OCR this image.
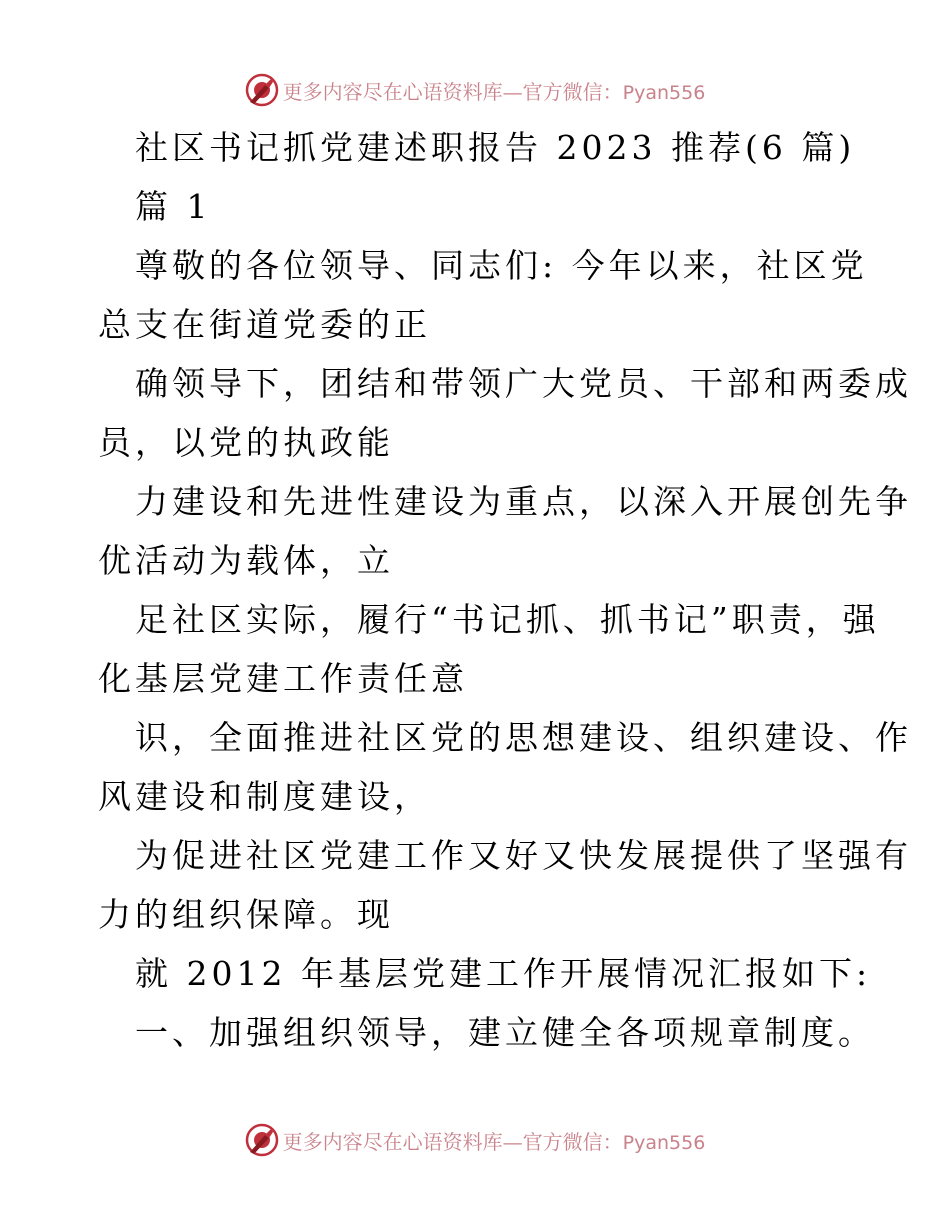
更多内容尽在心语资料库—官方微信：Pyan556
社区书记抓党建述职报告 2023 推荐(6 篇)
篇 1
尊敬的各位领导、同志们: 今年以来，社区党
总支在街道党委的正
确领导下，团结和带领广大党员、干部和两委成
员，以党的执政能
力建设和先进性建设为重点，以深入开展创先争
优活动为载体，立
足社区实际，履行“书记抓、抓书记”职责，强
化基层党建工作责任意
识，全面推进社区党的思想建设、组织建设、作
风建设和制度建设，
为促进社区党建工作又好又快发展提供了坚强有
力的组织保障。现
就 2012 年基层党建工作开展情况汇报如下:
一、加强组织领导，建立健全各项规章制度。
更多内容尽在心语资料库—官方微信：Pyan556
